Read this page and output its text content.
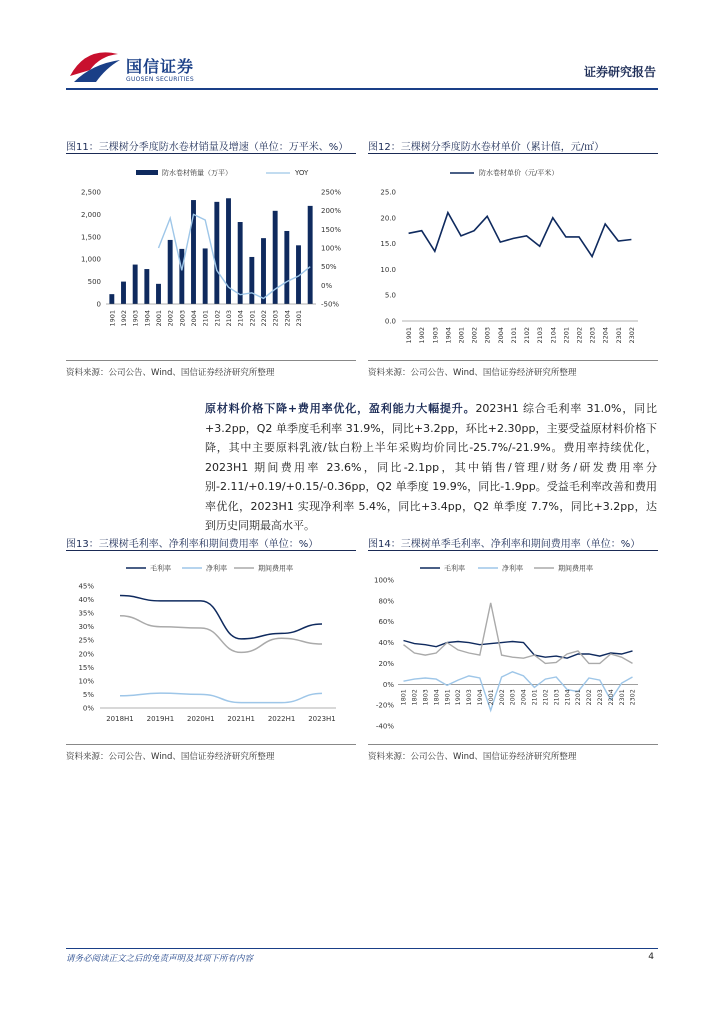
国信证券
GUOSEN SECURITIES
证券研究报告
图11：三棵树分季度防水卷材销量及增速（单位：万平米、%）
防水卷材销量（万平）	YOY
0
500
1,000
1,500
2,000
2,500
-50%
0%
50%
100%
150%
200%
250%
1901 1902 1903 1904 2001 2002 2003 2004 2101 2102 2103 2104 2201 2202 2203 2204 2301
资料来源：公司公告、Wind、国信证券经济研究所整理
图12：三棵树分季度防水卷材单价（累计值，元/㎡）
防水卷材单价（元/平米）
0.0
5.0
10.0
15.0
20.0
25.0
1901 1902 1903 1904 2001 2002 2003 2004 2101 2102 2103 2104 2201 2202 2203 2204 2301 2302
资料来源：公司公告、Wind、国信证券经济研究所整理
原材料价格下降+费用率优化，盈利能力大幅提升。2023H1 综合毛利率 31.0%，同比+3.2pp，Q2 单季度毛利率 31.9%，同比+3.2pp，环比+2.30pp，主要受益原材料价格下降，其中主要原料乳液/钛白粉上半年采购均价同比-25.7%/-21.9%。费用率持续优化，2023H1 期间费用率 23.6%，同比-2.1pp，其中销售/管理/财务/研发费用率分别-2.11/+0.19/+0.15/-0.36pp，Q2 单季度 19.9%，同比-1.9pp。受益毛利率改善和费用率优化，2023H1 实现净利率 5.4%，同比+3.4pp，Q2 单季度 7.7%，同比+3.2pp，达到历史同期最高水平。
图13：三棵树毛利率、净利率和期间费用率（单位：%）
毛利率	净利率	期间费用率
0%
5%
10%
15%
20%
25%
30%
35%
40%
45%
2018H1 2019H1 2020H1 2021H1 2022H1 2023H1
资料来源：公司公告、Wind、国信证券经济研究所整理
图14：三棵树单季毛利率、净利率和期间费用率（单位：%）
毛利率	净利率	期间费用率
-40%
-20%
0%
20%
40%
60%
80%
100%
1801 1802 1803 1804 1901 1902 1903 1904 2001 2002 2003 2004 2101 2102 2103 2104 2201 2202 2203 2204 2301 2302
资料来源：公司公告、Wind、国信证券经济研究所整理
请务必阅读正文之后的免责声明及其项下所有内容	4
